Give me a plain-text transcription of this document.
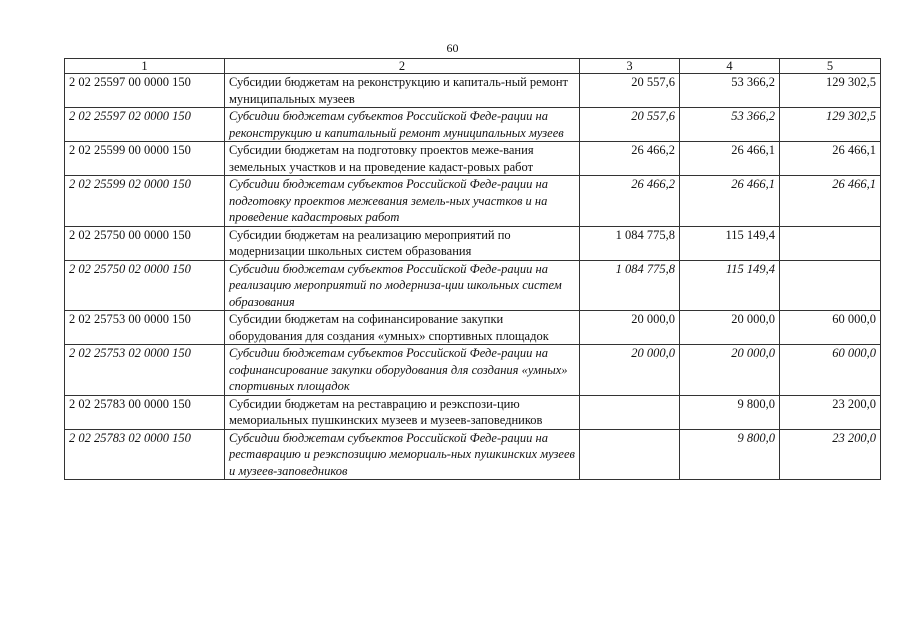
60
1	2	3	4	5
2 02 25597 00 0000 150	Субсидии бюджетам на реконструкцию и капиталь-ный ремонт муниципальных музеев	20 557,6	53 366,2	129 302,5
2 02 25597 02 0000 150	Субсидии бюджетам субъектов Российской Феде-рации на реконструкцию и капитальный ремонт муниципальных музеев	20 557,6	53 366,2	129 302,5
2 02 25599 00 0000 150	Субсидии бюджетам на подготовку проектов меже-вания земельных участков и на проведение кадаст-ровых работ	26 466,2	26 466,1	26 466,1
2 02 25599 02 0000 150	Субсидии бюджетам субъектов Российской Феде-рации на подготовку проектов межевания земель-ных участков и на проведение кадастровых работ	26 466,2	26 466,1	26 466,1
2 02 25750 00 0000 150	Субсидии бюджетам на реализацию мероприятий по модернизации школьных систем образования	1 084 775,8	115 149,4	
2 02 25750 02 0000 150	Субсидии бюджетам субъектов Российской Феде-рации на реализацию мероприятий по модерниза-ции школьных систем образования	1 084 775,8	115 149,4	
2 02 25753 00 0000 150	Субсидии бюджетам на софинансирование закупки оборудования для создания «умных» спортивных площадок	20 000,0	20 000,0	60 000,0
2 02 25753 02 0000 150	Субсидии бюджетам субъектов Российской Феде-рации на софинансирование закупки оборудования для создания «умных» спортивных площадок	20 000,0	20 000,0	60 000,0
2 02 25783 00 0000 150	Субсидии бюджетам на реставрацию и реэкспози-цию мемориальных пушкинских музеев и музеев-заповедников		9 800,0	23 200,0
2 02 25783 02 0000 150	Субсидии бюджетам субъектов Российской Феде-рации на реставрацию и реэкспозицию мемориаль-ных пушкинских музеев и музеев-заповедников		9 800,0	23 200,0
